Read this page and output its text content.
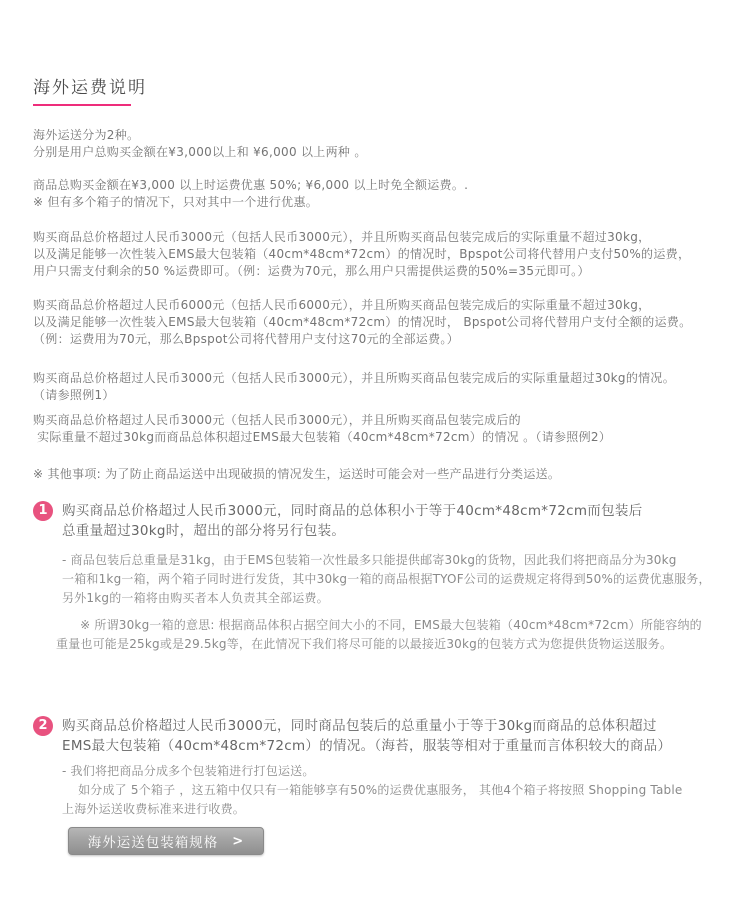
海外运费说明

海外运送分为2种。
分别是用户总购买金额在¥3,000以上和 ¥6,000 以上两种 。

商品总购买金额在¥3,000 以上时运费优惠 50%; ¥6,000 以上时免全额运费。.
※ 但有多个箱子的情况下，只对其中一个进行优惠。

购买商品总价格超过人民币3000元（包括人民币3000元），并且所购买商品包装完成后的实际重量不超过30kg，
以及满足能够一次性装入EMS最大包装箱（40cm*48cm*72cm）的情况时，Bpspot公司将代替用户支付50%的运费，
用户只需支付剩余的50 %运费即可。（例：运费为70元，那么用户只需提供运费的50%=35元即可。）

购买商品总价格超过人民币6000元（包括人民币6000元），并且所购买商品包装完成后的实际重量不超过30kg，
以及满足能够一次性装入EMS最大包装箱（40cm*48cm*72cm）的情况时， Bpspot公司将代替用户支付全额的运费。
（例：运费用为70元，那么Bpspot公司将代替用户支付这70元的全部运费。）

购买商品总价格超过人民币3000元（包括人民币3000元），并且所购买商品包装完成后的实际重量超过30kg的情况。
（请参照例1）

购买商品总价格超过人民币3000元（包括人民币3000元），并且所购买商品包装完成后的
实际重量不超过30kg而商品总体积超过EMS最大包装箱（40cm*48cm*72cm）的情况 。（请参照例2）

※ 其他事项: 为了防止商品运送中出现破损的情况发生，运送时可能会对一些产品进行分类运送。

1	购买商品总价格超过人民币3000元，同时商品的总体积小于等于40cm*48cm*72cm而包装后
总重量超过30kg时，超出的部分将另行包装。

- 商品包装后总重量是31kg，由于EMS包装箱一次性最多只能提供邮寄30kg的货物，因此我们将把商品分为30kg
一箱和1kg一箱，两个箱子同时进行发货，其中30kg一箱的商品根据TYOF公司的运费规定将得到50%的运费优惠服务，
另外1kg的一箱将由购买者本人负责其全部运费。

※ 所谓30kg一箱的意思: 根据商品体积占据空间大小的不同，EMS最大包装箱（40cm*48cm*72cm）所能容纳的
重量也可能是25kg或是29.5kg等，在此情况下我们将尽可能的以最接近30kg的包装方式为您提供货物运送服务。

2	购买商品总价格超过人民币3000元，同时商品包装后的总重量小于等于30kg而商品的总体积超过
EMS最大包装箱（40cm*48cm*72cm）的情况。（海苔，服装等相对于重量而言体积较大的商品）

- 我们将把商品分成多个包装箱进行打包运送。
如分成了 5个箱子 ，这五箱中仅只有一箱能够享有50%的运费优惠服务， 其他4个箱子将按照 Shopping Table
上海外运送收费标准来进行收费。

海外运送包装箱规格 >
